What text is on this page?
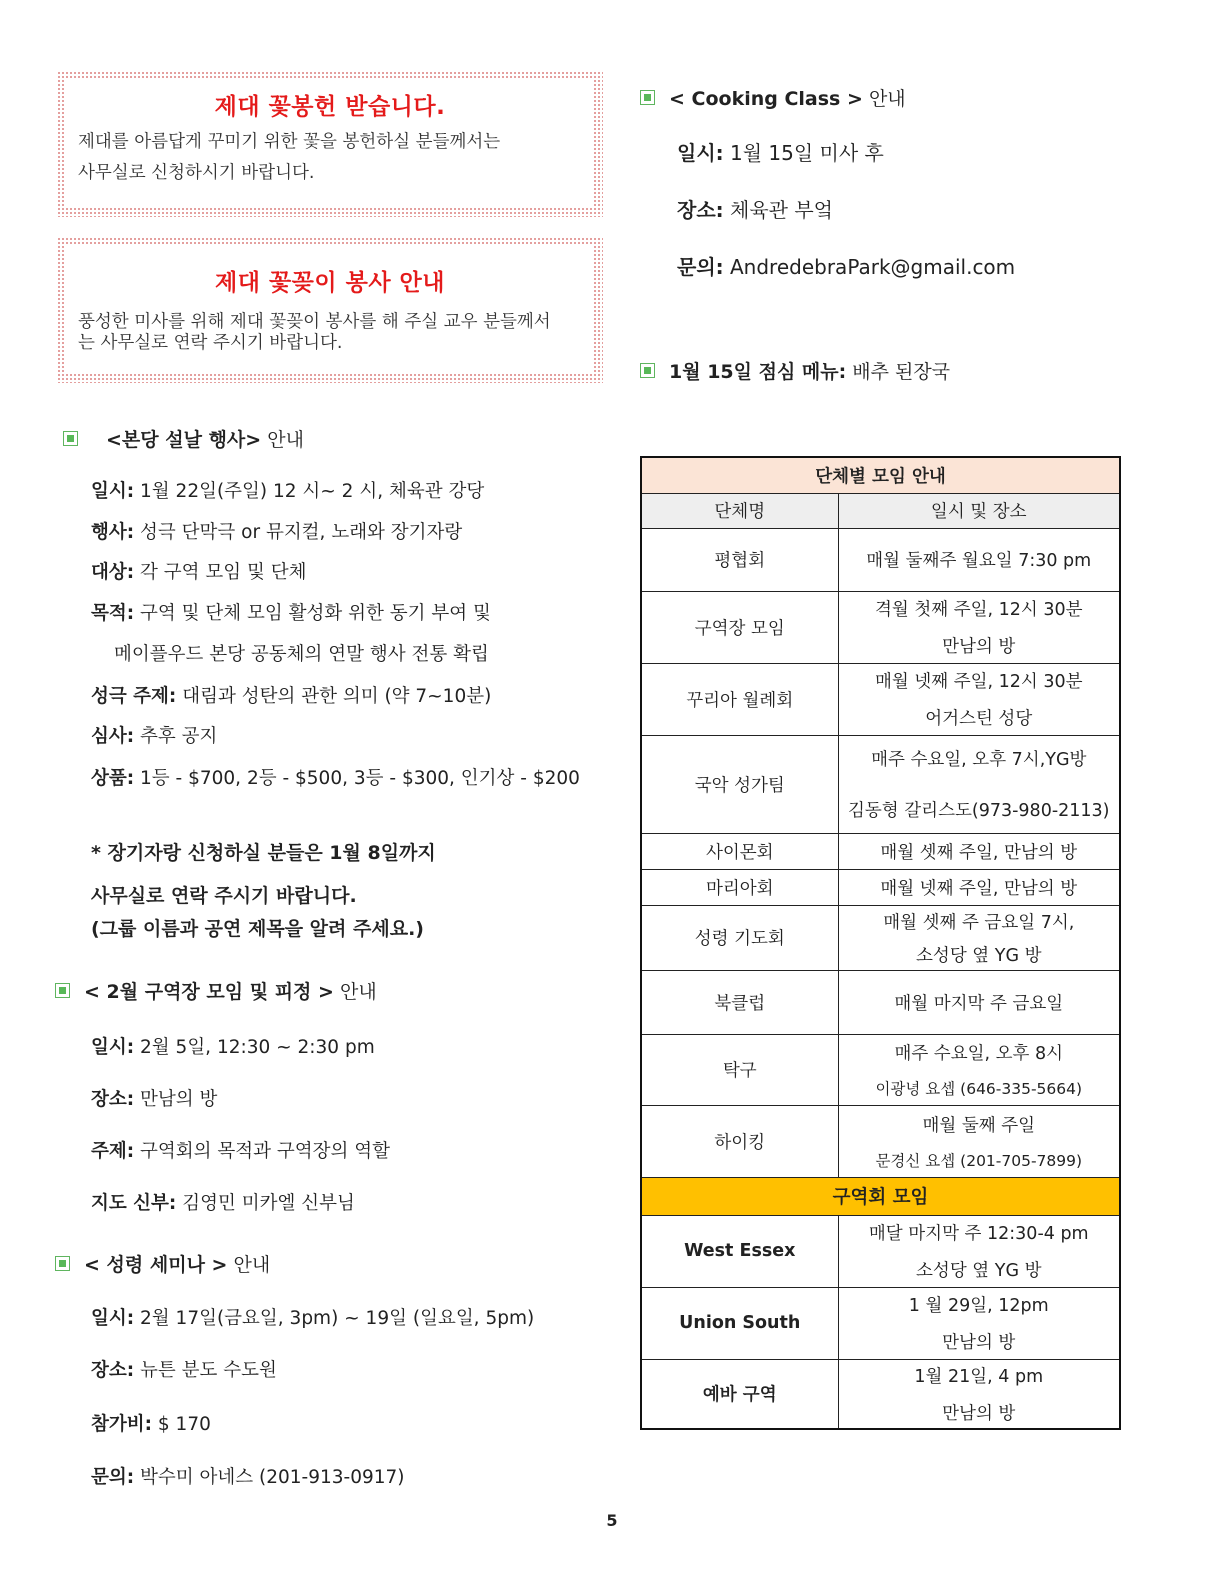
제대 꽃봉헌 받습니다.
제대를 아름답게 꾸미기 위한 꽃을 봉헌하실 분들께서는
사무실로 신청하시기 바랍니다.
제대 꽃꽂이 봉사 안내
풍성한 미사를 위해 제대 꽃꽂이 봉사를 해 주실 교우 분들께서
는 사무실로 연락 주시기 바랍니다.
<본당 설날 행사> 안내
일시: 1월 22일(주일) 12 시~ 2 시, 체육관 강당
행사: 성극 단막극 or 뮤지컬, 노래와 장기자랑
대상: 각 구역 모임 및 단체
목적: 구역 및 단체 모임 활성화 위한 동기 부여 및
메이플우드 본당 공동체의 연말 행사 전통 확립
성극 주제: 대림과 성탄의 관한 의미 (약 7~10분)
심사: 추후 공지
상품: 1등 - $700, 2등 - $500, 3등 - $300, 인기상 - $200
* 장기자랑 신청하실 분들은 1월 8일까지
사무실로 연락 주시기 바랍니다.
(그룹 이름과 공연 제목을 알려 주세요.)
< 2월 구역장 모임 및 피정 > 안내
일시: 2월 5일, 12:30 ~ 2:30 pm
장소: 만남의 방
주제: 구역회의 목적과 구역장의 역할
지도 신부: 김영민 미카엘 신부님
< 성령 세미나 > 안내
일시: 2월 17일(금요일, 3pm) ~ 19일 (일요일, 5pm)
장소: 뉴튼 분도 수도원
참가비: $ 170
문의: 박수미 아네스 (201-913-0917)
< Cooking Class > 안내
일시: 1월 15일 미사 후
장소: 체육관 부엌
문의: AndredebraPark@gmail.com
1월 15일 점심 메뉴: 배추 된장국
단체별 모임 안내	
단체명	일시 및 장소
평협회	매월 둘째주 월요일 7:30 pm
구역장 모임	격월 첫째 주일, 12시 30분
만남의 방

꾸리아 월례회	매월 넷째 주일, 12시 30분
어거스틴 성당

국악 성가팀	매주 수요일, 오후 7시,YG방
김동형 갈리스도(973-980-2113)

사이몬회	매월 셋째 주일, 만남의 방
마리아회	매월 넷째 주일, 만남의 방
성령 기도회	매월 셋째 주 금요일 7시,
소성당 옆 YG 방

북클럽	매월 마지막 주 금요일
탁구	매주 수요일, 오후 8시
이광녕 요셉 (646-335-5664)

하이킹	매월 둘째 주일
문경신 요셉 (201-705-7899)

구역회 모임	
West Essex	매달 마지막 주 12:30-4 pm
소성당 옆 YG 방

Union South	1 월 29일, 12pm
만남의 방

예바 구역	1월 21일, 4 pm
만남의 방
5
